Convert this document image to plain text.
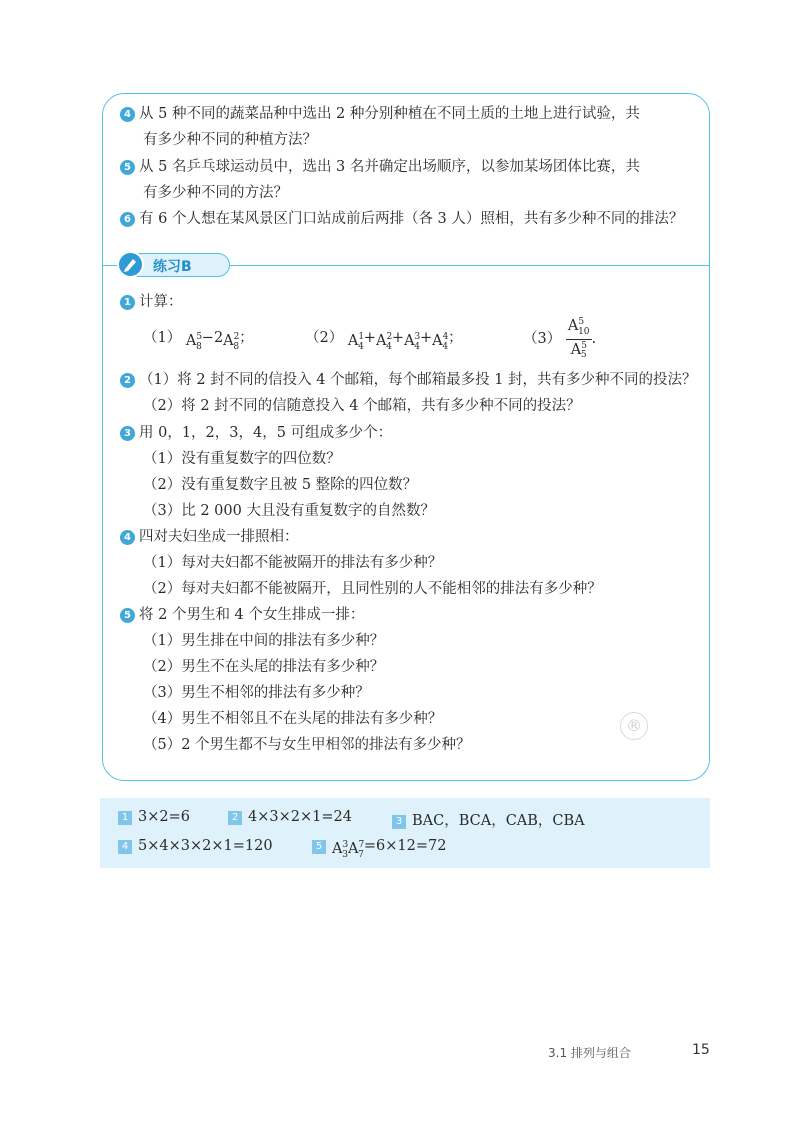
4 从 5 种不同的蔬菜品种中选出 2 种分别种植在不同土质的土地上进行试验，共
有多少种不同的种植方法？
5 从 5 名乒乓球运动员中，选出 3 名并确定出场顺序，以参加某场团体比赛，共
有多少种不同的方法？
6 有 6 个人想在某风景区门口站成前后两排（各 3 人）照相，共有多少种不同的排法？
练习B
1 计算：
（1） $A^5_8-2A^2_8$；	（2） $A^1_4+A^2_4+A^3_4+A^4_4$；	$(3) \frac{A^5_{10}}{A^5_5}$ .
2 （1）将 2 封不同的信投入 4 个邮箱，每个邮箱最多投 1 封，共有多少种不同的投法？
（2）将 2 封不同的信随意投入 4 个邮箱，共有多少种不同的投法？
3 用 0，1，2，3，4，5 可组成多少个：
（1）没有重复数字的四位数？
（2）没有重复数字且被 5 整除的四位数？
（3）比 2 000 大且没有重复数字的自然数？
4 四对夫妇坐成一排照相：
（1）每对夫妇都不能被隔开的排法有多少种？
（2）每对夫妇都不能被隔开，且同性别的人不能相邻的排法有多少种？
5 将 2 个男生和 4 个女生排成一排：
（1）男生排在中间的排法有多少种？
（2）男生不在头尾的排法有多少种？
（3）男生不相邻的排法有多少种？
（4）男生不相邻且不在头尾的排法有多少种？
（5）2 个男生都不与女生甲相邻的排法有多少种？
®
1 3×2=6	2 4×3×2×1=24	3 BAC，BCA，CAB，CBA
4 5×4×3×2×1=120	5 $A^3_3A^7_7=6\times 12=72$
3.1 排列与组合	15
